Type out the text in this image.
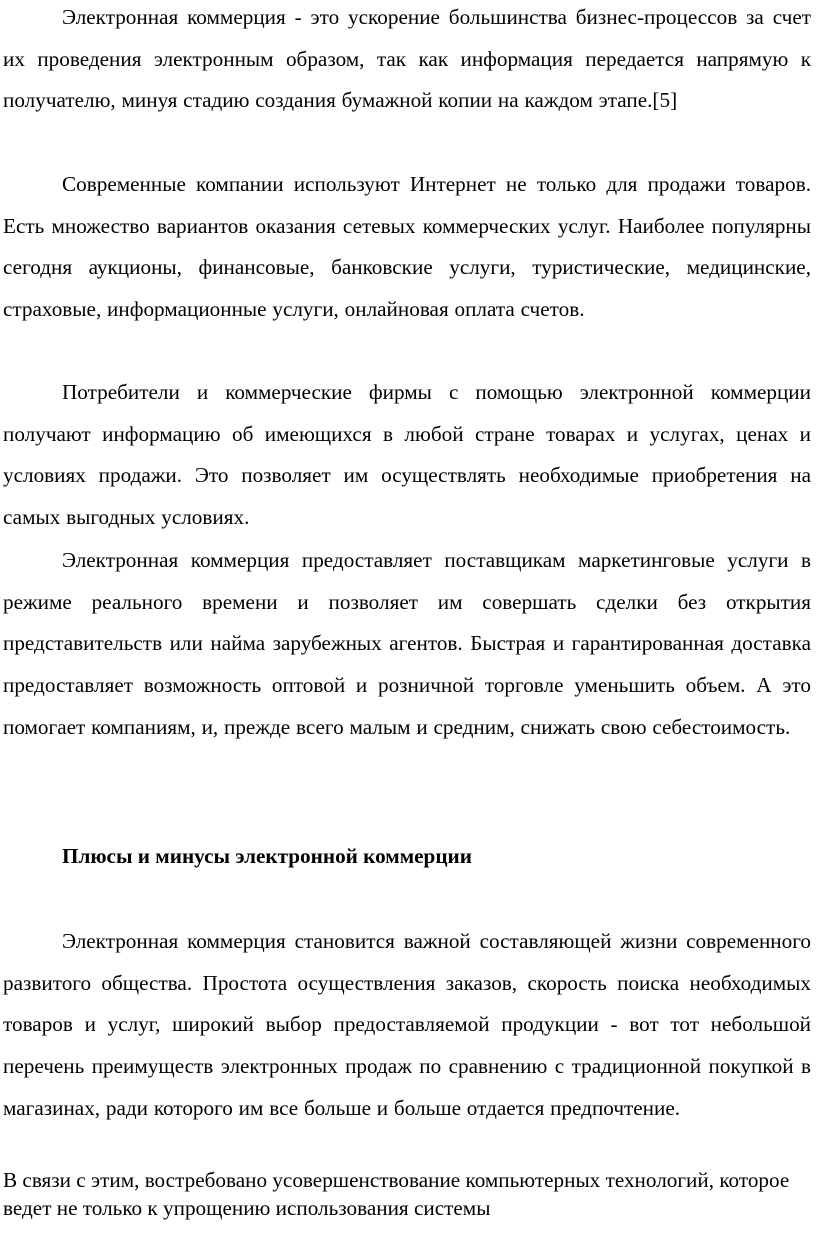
Электронная коммерция - это ускорение большинства бизнес-процессов за счет их проведения электронным образом, так как информация передается напрямую к получателю, минуя стадию создания бумажной копии на каждом этапе.[5]

Современные компании используют Интернет не только для продажи товаров. Есть множество вариантов оказания сетевых коммерческих услуг. Наиболее популярны сегодня аукционы, финансовые, банковские услуги, туристические, медицинские, страховые, информационные услуги, онлайновая оплата счетов.

Потребители и коммерческие фирмы с помощью электронной коммерции получают информацию об имеющихся в любой стране товарах и услугах, ценах и условиях продажи. Это позволяет им осуществлять необходимые приобретения на самых выгодных условиях.

Электронная коммерция предоставляет поставщикам маркетинговые услуги в режиме реального времени и позволяет им совершать сделки без открытия представительств или найма зарубежных агентов. Быстрая и гарантированная доставка предоставляет возможность оптовой и розничной торговле уменьшить объем. А это помогает компаниям, и, прежде всего малым и средним, снижать свою себестоимость.

Плюсы и минусы электронной коммерции

Электронная коммерция становится важной составляющей жизни современного развитого общества. Простота осуществления заказов, скорость поиска необходимых товаров и услуг, широкий выбор предоставляемой продукции - вот тот небольшой перечень преимуществ электронных продаж по сравнению с традиционной покупкой в магазинах, ради которого им все больше и больше отдается предпочтение.

В связи с этим, востребовано усовершенствование компьютерных технологий, которое ведет не только к упрощению использования системы
